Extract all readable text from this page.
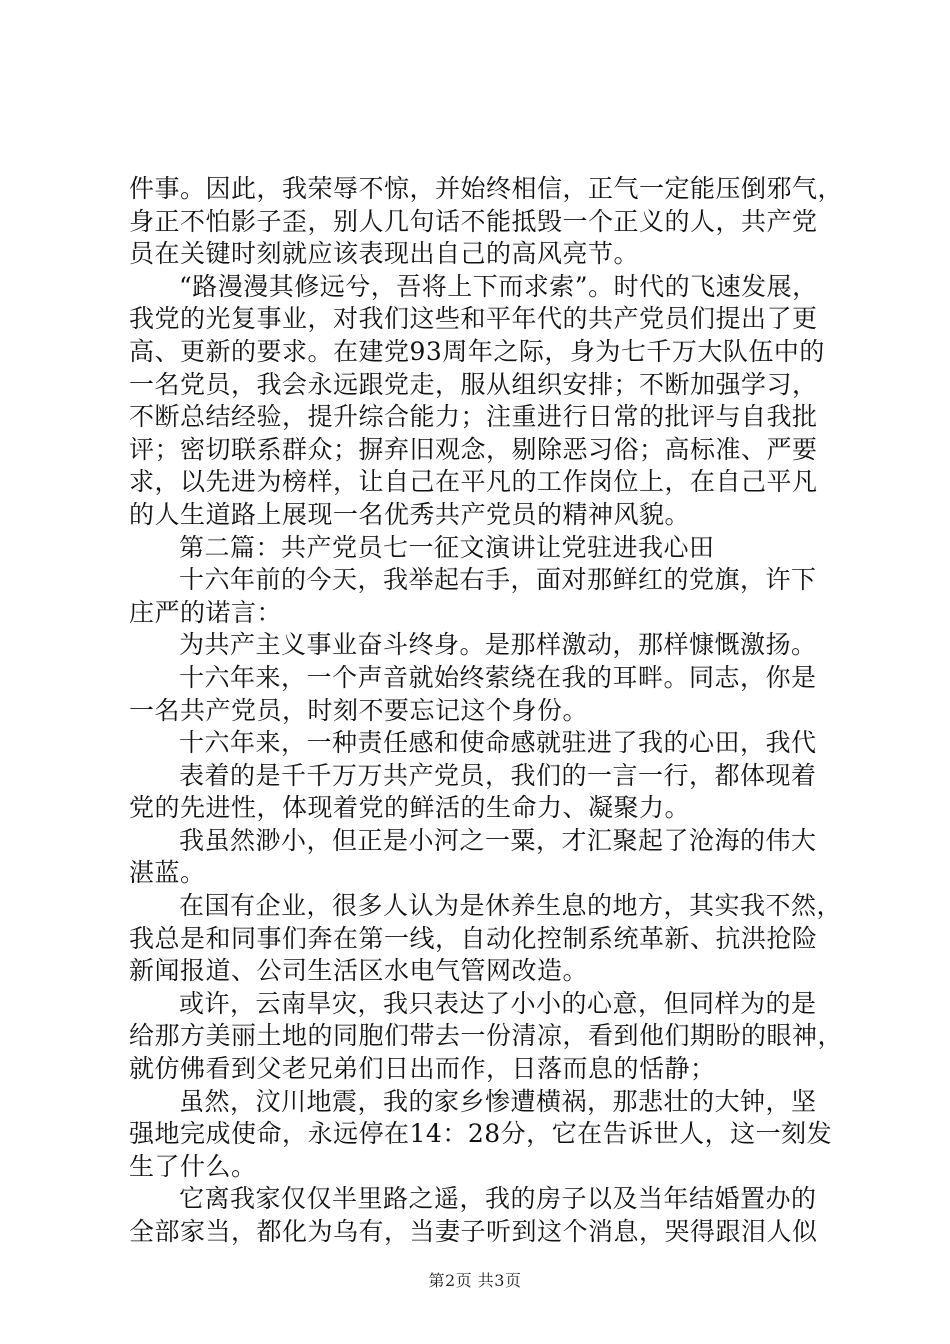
件事。因此，我荣辱不惊，并始终相信，正气一定能压倒邪气，
身正不怕影子歪，别人几句话不能抵毁一个正义的人，共产党
员在关键时刻就应该表现出自己的高风亮节。
“路漫漫其修远兮，吾将上下而求索”。时代的飞速发展，
我党的光复事业，对我们这些和平年代的共产党员们提出了更
高、更新的要求。在建党93周年之际，身为七千万大队伍中的
一名党员，我会永远跟党走，服从组织安排；不断加强学习，
不断总结经验，提升综合能力；注重进行日常的批评与自我批
评；密切联系群众；摒弃旧观念，剔除恶习俗；高标准、严要
求，以先进为榜样，让自己在平凡的工作岗位上，在自己平凡
的人生道路上展现一名优秀共产党员的精神风貌。
第二篇：共产党员七一征文演讲让党驻进我心田
十六年前的今天，我举起右手，面对那鲜红的党旗，许下
庄严的诺言：
为共产主义事业奋斗终身。是那样激动，那样慷慨激扬。
十六年来，一个声音就始终萦绕在我的耳畔。同志，你是
一名共产党员，时刻不要忘记这个身份。
十六年来，一种责任感和使命感就驻进了我的心田，我代
表着的是千千万万共产党员，我们的一言一行，都体现着
党的先进性，体现着党的鲜活的生命力、凝聚力。
我虽然渺小，但正是小河之一粟，才汇聚起了沧海的伟大
湛蓝。
在国有企业，很多人认为是休养生息的地方，其实我不然，
我总是和同事们奔在第一线，自动化控制系统革新、抗洪抢险
新闻报道、公司生活区水电气管网改造。
或许，云南旱灾，我只表达了小小的心意，但同样为的是
给那方美丽土地的同胞们带去一份清凉，看到他们期盼的眼神，
就仿佛看到父老兄弟们日出而作，日落而息的恬静；
虽然，汶川地震，我的家乡惨遭横祸，那悲壮的大钟，坚
强地完成使命，永远停在14：28分，它在告诉世人，这一刻发
生了什么。
它离我家仅仅半里路之遥，我的房子以及当年结婚置办的
全部家当，都化为乌有，当妻子听到这个消息，哭得跟泪人似
第2页 共3页
